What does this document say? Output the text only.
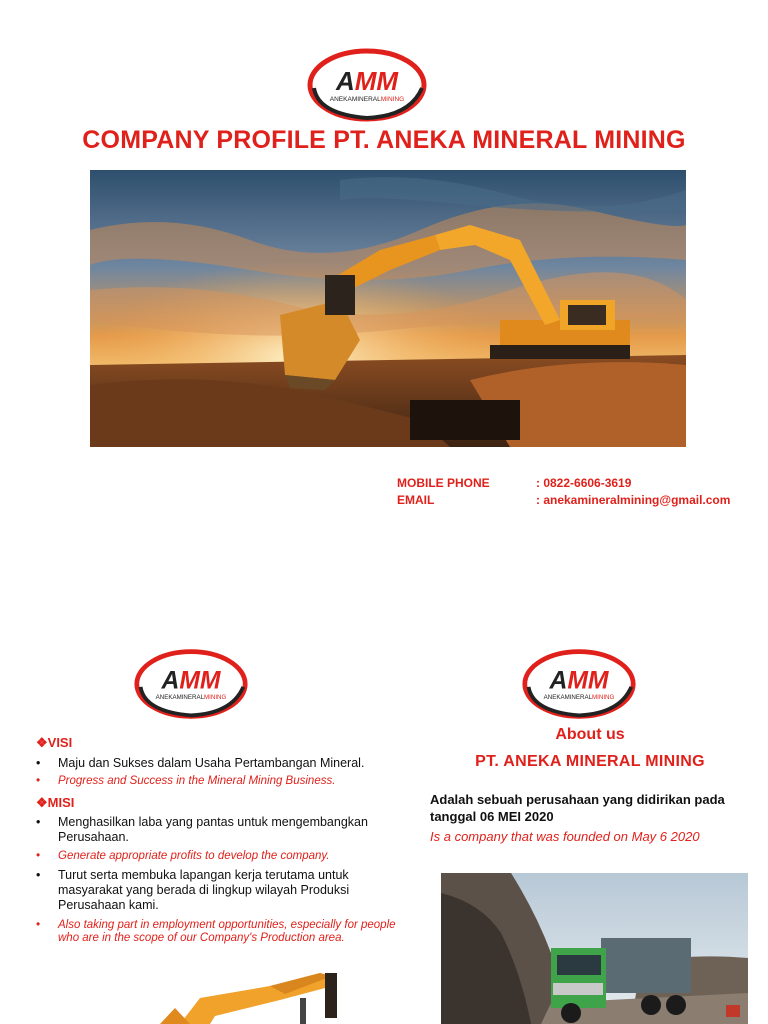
AMM
ANEKAMINERALMINING
COMPANY PROFILE PT. ANEKA MINERAL MINING
MOBILE PHONE	: 0822-6606-3619
EMAIL	: anekamineralmining@gmail.com
AMM
ANEKAMINERALMINING
AMM
ANEKAMINERALMINING
❖VISI
• Maju dan Sukses dalam Usaha Pertambangan Mineral.
• Progress and Success in the Mineral Mining Business.
❖MISI
• Menghasilkan laba yang pantas untuk mengembangkan Perusahaan.
• Generate appropriate profits to develop the company.
• Turut serta membuka lapangan kerja terutama untuk masyarakat yang berada di lingkup wilayah Produksi Perusahaan kami.
• Also taking part in employment opportunities, especially for people who are in the scope of our Company's Production area.
About us
PT. ANEKA MINERAL MINING
Adalah sebuah perusahaan yang didirikan pada tanggal 06 MEI 2020
Is a company that was founded on May 6 2020
